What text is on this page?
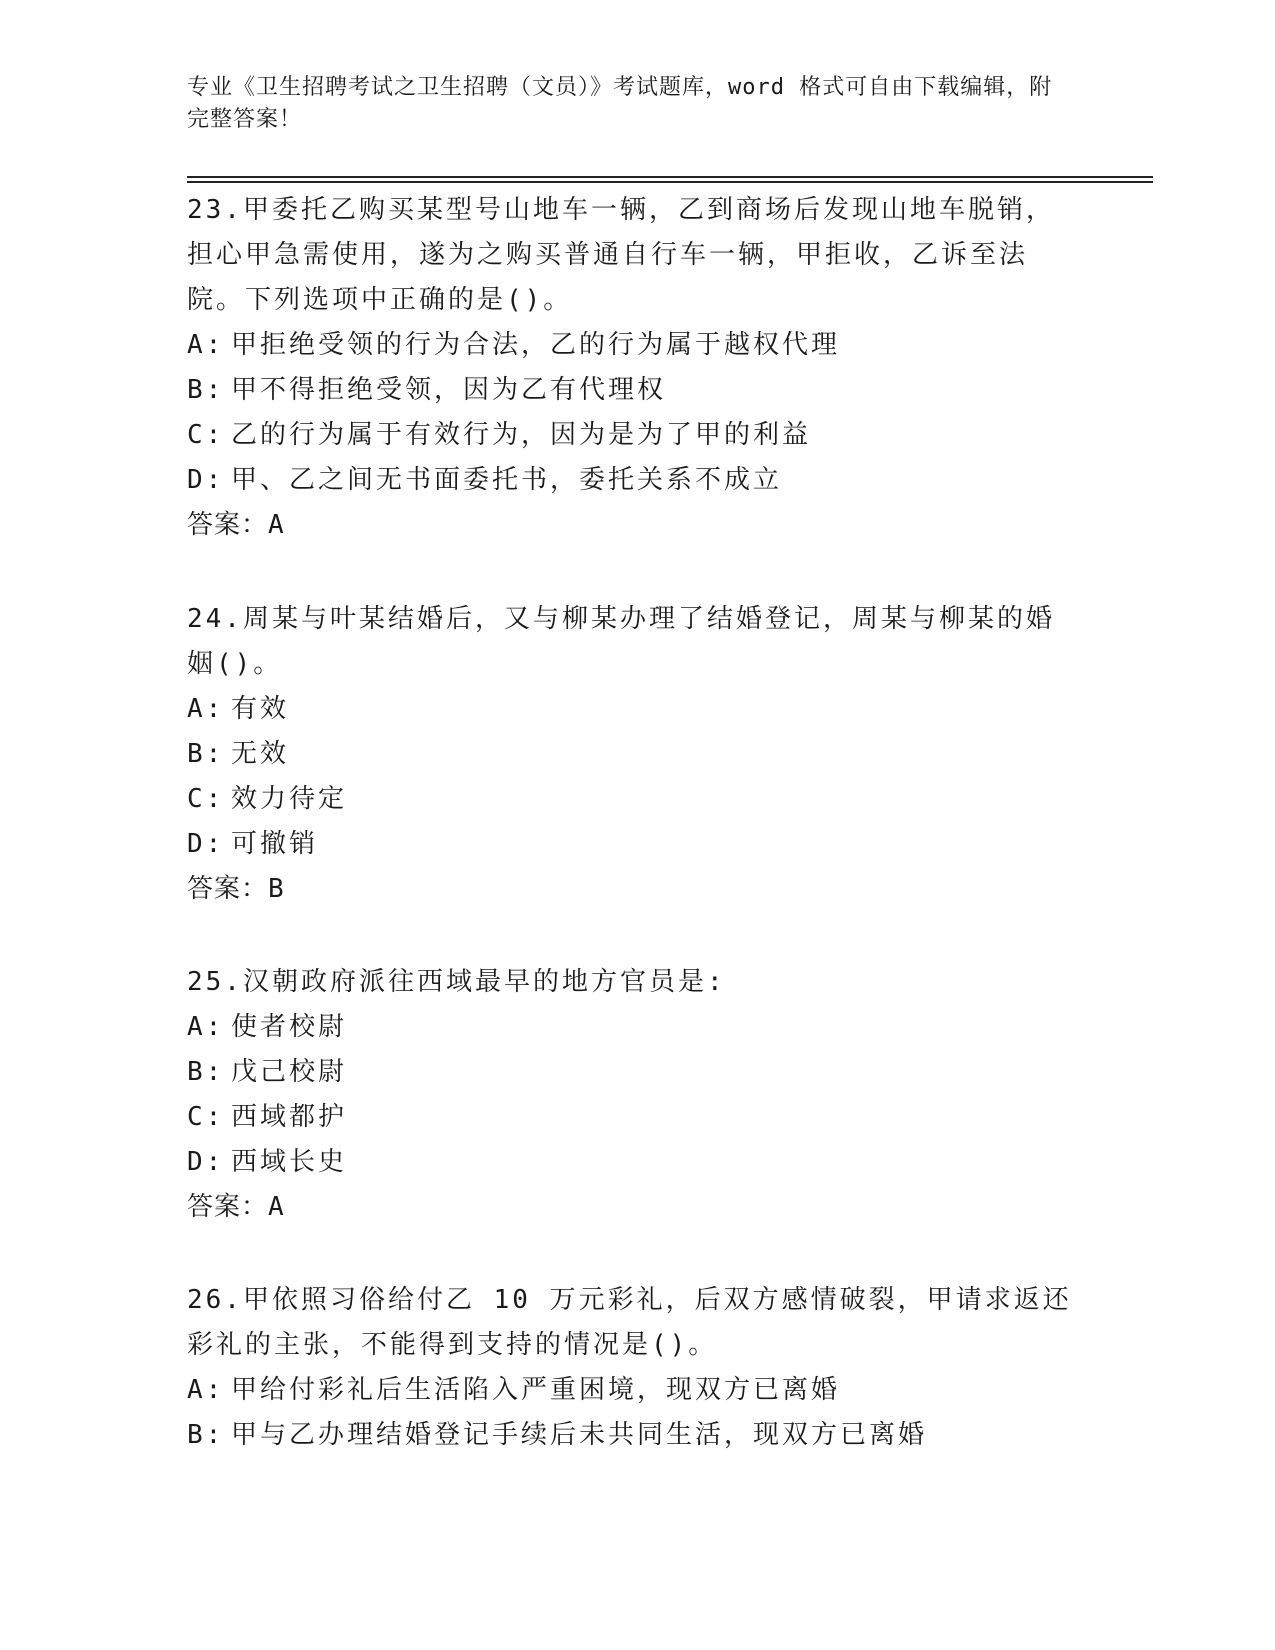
专业《卫生招聘考试之卫生招聘（文员）》考试题库，word 格式可自由下载编辑，附完整答案！

23.甲委托乙购买某型号山地车一辆，乙到商场后发现山地车脱销，担心甲急需使用，遂为之购买普通自行车一辆，甲拒收，乙诉至法院。下列选项中正确的是()。

A: 甲拒绝受领的行为合法，乙的行为属于越权代理
B: 甲不得拒绝受领，因为乙有代理权
C: 乙的行为属于有效行为，因为是为了甲的利益
D: 甲、乙之间无书面委托书，委托关系不成立

答案：A

24.周某与叶某结婚后，又与柳某办理了结婚登记，周某与柳某的婚姻()。

A: 有效
B: 无效
C: 效力待定
D: 可撤销

答案：B

25.汉朝政府派往西域最早的地方官员是:

A: 使者校尉
B: 戊己校尉
C: 西域都护
D: 西域长史

答案：A

26.甲依照习俗给付乙 10 万元彩礼，后双方感情破裂，甲请求返还彩礼的主张，不能得到支持的情况是()。

A: 甲给付彩礼后生活陷入严重困境，现双方已离婚
B: 甲与乙办理结婚登记手续后未共同生活，现双方已离婚
